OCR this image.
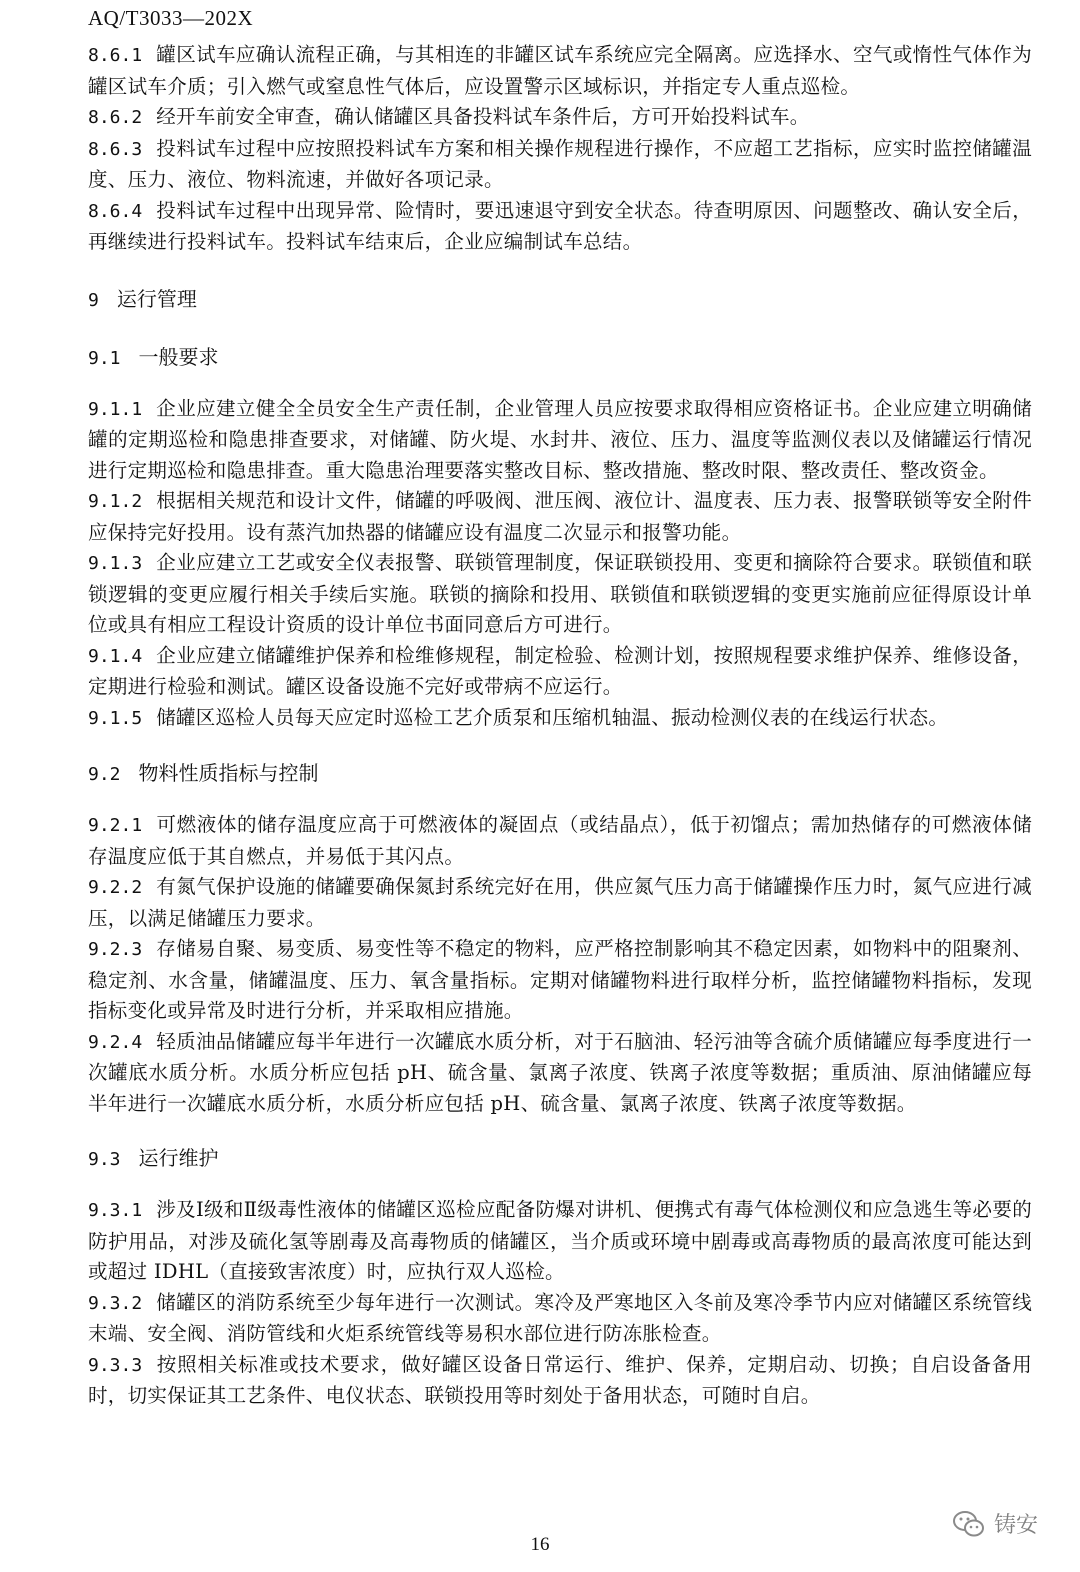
AQ/T3033—202X

8.6.1 罐区试车应确认流程正确，与其相连的非罐区试车系统应完全隔离。应选择水、空气或惰性气体作为罐区试车介质；引入燃气或窒息性气体后，应设置警示区域标识，并指定专人重点巡检。

8.6.2 经开车前安全审查，确认储罐区具备投料试车条件后，方可开始投料试车。

8.6.3 投料试车过程中应按照投料试车方案和相关操作规程进行操作，不应超工艺指标，应实时监控储罐温度、压力、液位、物料流速，并做好各项记录。

8.6.4 投料试车过程中出现异常、险情时，要迅速退守到安全状态。待查明原因、问题整改、确认安全后，再继续进行投料试车。投料试车结束后，企业应编制试车总结。

9 运行管理
9.1 一般要求

9.1.1 企业应建立健全全员安全生产责任制，企业管理人员应按要求取得相应资格证书。企业应建立明确储罐的定期巡检和隐患排查要求，对储罐、防火堤、水封井、液位、压力、温度等监测仪表以及储罐运行情况进行定期巡检和隐患排查。重大隐患治理要落实整改目标、整改措施、整改时限、整改责任、整改资金。

9.1.2 根据相关规范和设计文件，储罐的呼吸阀、泄压阀、液位计、温度表、压力表、报警联锁等安全附件应保持完好投用。设有蒸汽加热器的储罐应设有温度二次显示和报警功能。

9.1.3 企业应建立工艺或安全仪表报警、联锁管理制度，保证联锁投用、变更和摘除符合要求。联锁值和联锁逻辑的变更应履行相关手续后实施。联锁的摘除和投用、联锁值和联锁逻辑的变更实施前应征得原设计单位或具有相应工程设计资质的设计单位书面同意后方可进行。

9.1.4 企业应建立储罐维护保养和检维修规程，制定检验、检测计划，按照规程要求维护保养、维修设备，定期进行检验和测试。罐区设备设施不完好或带病不应运行。

9.1.5 储罐区巡检人员每天应定时巡检工艺介质泵和压缩机轴温、振动检测仪表的在线运行状态。

9.2 物料性质指标与控制

9.2.1 可燃液体的储存温度应高于可燃液体的凝固点（或结晶点），低于初馏点；需加热储存的可燃液体储存温度应低于其自燃点，并易低于其闪点。

9.2.2 有氮气保护设施的储罐要确保氮封系统完好在用，供应氮气压力高于储罐操作压力时，氮气应进行减压，以满足储罐压力要求。

9.2.3 存储易自聚、易变质、易变性等不稳定的物料，应严格控制影响其不稳定因素，如物料中的阻聚剂、稳定剂、水含量，储罐温度、压力、氧含量指标。定期对储罐物料进行取样分析，监控储罐物料指标，发现指标变化或异常及时进行分析，并采取相应措施。

9.2.4 轻质油品储罐应每半年进行一次罐底水质分析，对于石脑油、轻污油等含硫介质储罐应每季度进行一次罐底水质分析。水质分析应包括 pH、硫含量、氯离子浓度、铁离子浓度等数据；重质油、原油储罐应每半年进行一次罐底水质分析，水质分析应包括 pH、硫含量、氯离子浓度、铁离子浓度等数据。

9.3 运行维护

9.3.1 涉及Ⅰ级和Ⅱ级毒性液体的储罐区巡检应配备防爆对讲机、便携式有毒气体检测仪和应急逃生等必要的防护用品，对涉及硫化氢等剧毒及高毒物质的储罐区，当介质或环境中剧毒或高毒物质的最高浓度可能达到或超过 IDHL（直接致害浓度）时，应执行双人巡检。

9.3.2 储罐区的消防系统至少每年进行一次测试。寒冷及严寒地区入冬前及寒冷季节内应对储罐区系统管线末端、安全阀、消防管线和火炬系统管线等易积水部位进行防冻胀检查。

9.3.3 按照相关标准或技术要求，做好罐区设备日常运行、维护、保养，定期启动、切换；自启设备备用时，切实保证其工艺条件、电仪状态、联锁投用等时刻处于备用状态，可随时自启。

16
铸安
